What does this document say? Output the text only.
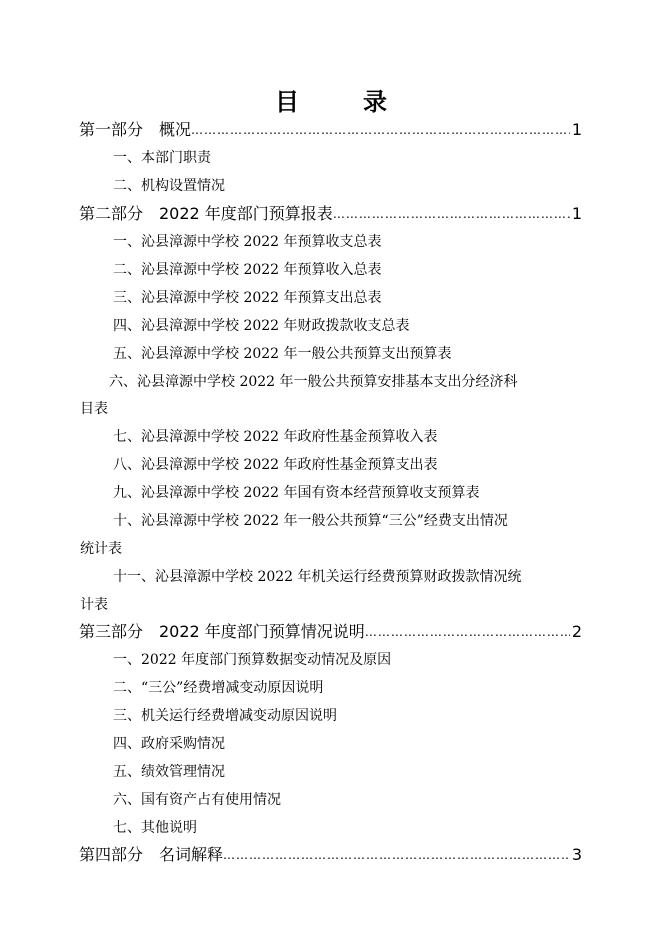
目	录
第一部分　概况 ………………………………………………………………………………………………………………	1
一、本部门职责
二、机构设置情况
第二部分　2022 年度部门预算报表 ………………………………………………………………………………………………………………	1
一、沁县漳源中学校 2022 年预算收支总表
二、沁县漳源中学校 2022 年预算收入总表
三、沁县漳源中学校 2022 年预算支出总表
四、沁县漳源中学校 2022 年财政拨款收支总表
五、沁县漳源中学校 2022 年一般公共预算支出预算表
六、沁县漳源中学校 2022 年一般公共预算安排基本支出分经济科
目表
七、沁县漳源中学校 2022 年政府性基金预算收入表
八、沁县漳源中学校 2022 年政府性基金预算支出表
九、沁县漳源中学校 2022 年国有资本经营预算收支预算表
十、沁县漳源中学校 2022 年一般公共预算“三公”经费支出情况
统计表
十一、沁县漳源中学校 2022 年机关运行经费预算财政拨款情况统
计表
第三部分　2022 年度部门预算情况说明 ………………………………………………………………………………………………………………	2
一、2022 年度部门预算数据变动情况及原因
二、“三公”经费增减变动原因说明
三、机关运行经费增减变动原因说明
四、政府采购情况
五、绩效管理情况
六、国有资产占有使用情况
七、其他说明
第四部分　名词解释 ………………………………………………………………………………………………………………	3
